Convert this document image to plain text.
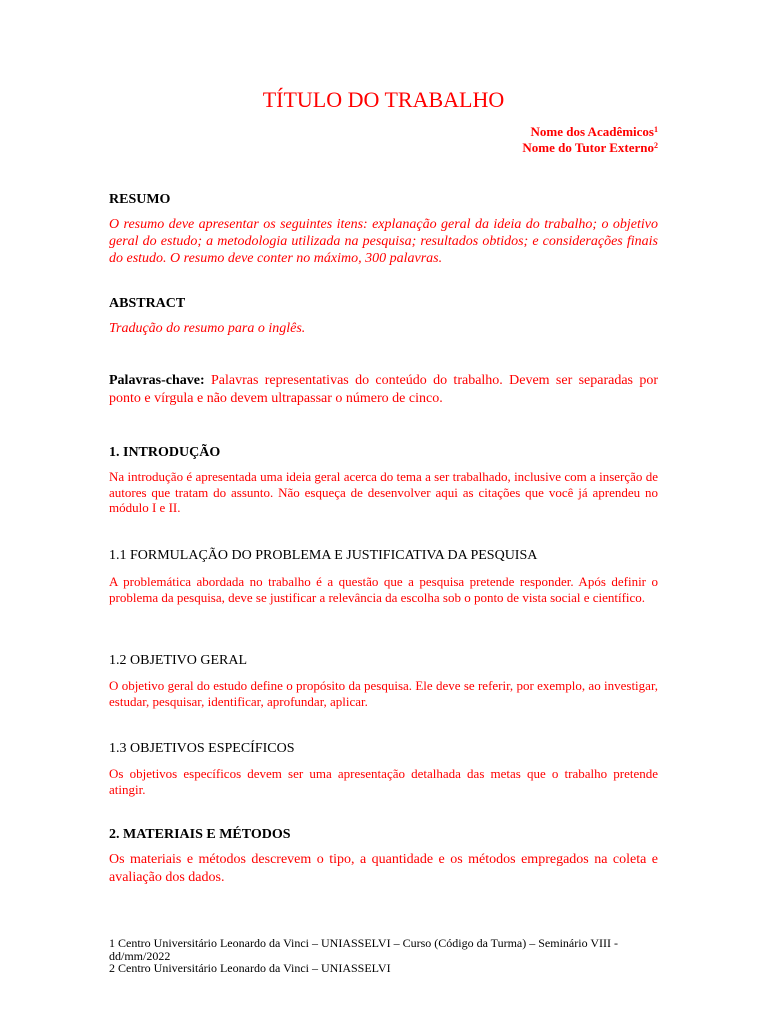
TÍTULO DO TRABALHO
Nome dos Acadêmicos$^1$
Nome do Tutor Externo$^2$
RESUMO
O resumo deve apresentar os seguintes itens: explanação geral da ideia do trabalho; o objetivo geral do estudo; a metodologia utilizada na pesquisa; resultados obtidos; e considerações finais do estudo. O resumo deve conter no máximo, 300 palavras.
ABSTRACT
Tradução do resumo para o inglês.
Palavras-chave: Palavras representativas do conteúdo do trabalho. Devem ser separadas por ponto e vírgula e não devem ultrapassar o número de cinco.
1. INTRODUÇÃO
Na introdução é apresentada uma ideia geral acerca do tema a ser trabalhado, inclusive com a inserção de autores que tratam do assunto. Não esqueça de desenvolver aqui as citações que você já aprendeu no módulo I e II.
1.1 FORMULAÇÃO DO PROBLEMA E JUSTIFICATIVA DA PESQUISA
A problemática abordada no trabalho é a questão que a pesquisa pretende responder. Após definir o problema da pesquisa, deve se justificar a relevância da escolha sob o ponto de vista social e científico.
1.2 OBJETIVO GERAL
O objetivo geral do estudo define o propósito da pesquisa. Ele deve se referir, por exemplo, ao investigar, estudar, pesquisar, identificar, aprofundar, aplicar.
1.3 OBJETIVOS ESPECÍFICOS
Os objetivos específicos devem ser uma apresentação detalhada das metas que o trabalho pretende atingir.
2. MATERIAIS E MÉTODOS
Os materiais e métodos descrevem o tipo, a quantidade e os métodos empregados na coleta e avaliação dos dados.
1 Centro Universitário Leonardo da Vinci – UNIASSELVI – Curso (Código da Turma) – Seminário VIII - dd/mm/2022
2 Centro Universitário Leonardo da Vinci – UNIASSELVI
